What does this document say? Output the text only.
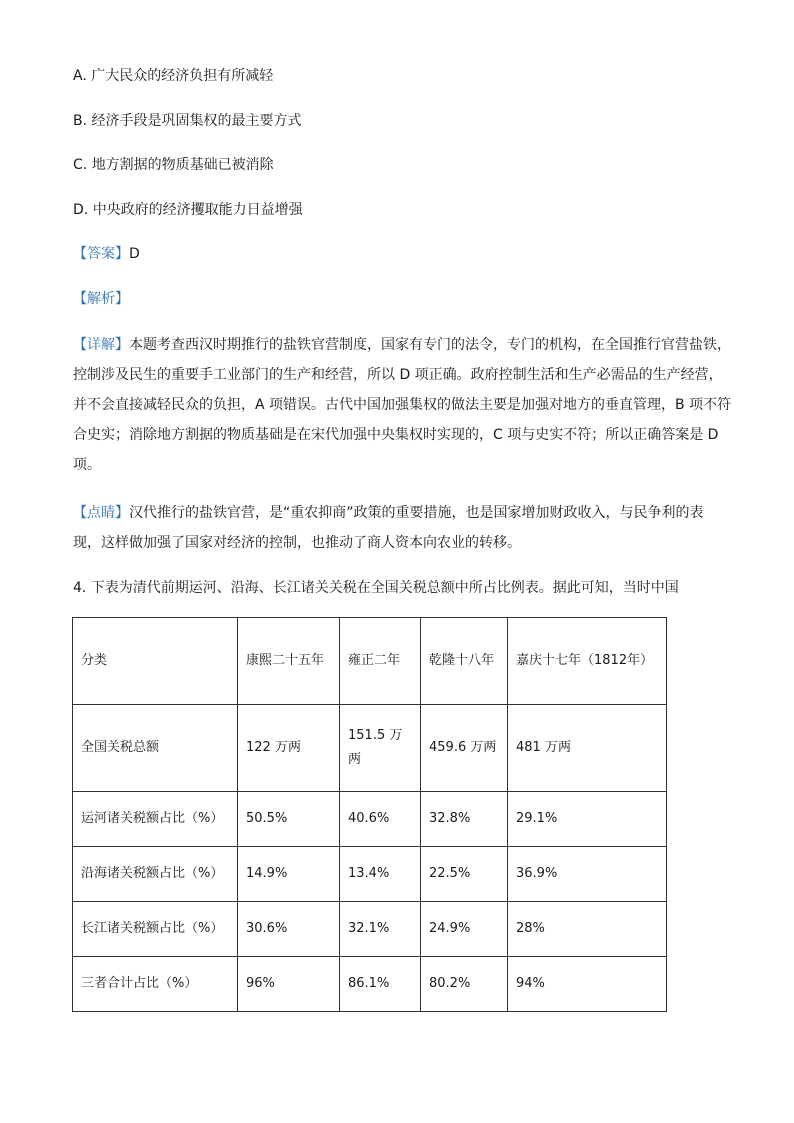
A. 广大民众的经济负担有所减轻
B. 经济手段是巩固集权的最主要方式
C. 地方割据的物质基础已被消除
D. 中央政府的经济攫取能力日益增强
【答案】D
【解析】
【详解】本题考查西汉时期推行的盐铁官营制度，国家有专门的法令，专门的机构，在全国推行官营盐铁，
控制涉及民生的重要手工业部门的生产和经营，所以 D 项正确。政府控制生活和生产必需品的生产经营，
并不会直接减轻民众的负担，A 项错误。古代中国加强集权的做法主要是加强对地方的垂直管理，B 项不符
合史实；消除地方割据的物质基础是在宋代加强中央集权时实现的，C 项与史实不符；所以正确答案是 D
项。
【点睛】汉代推行的盐铁官营，是“重农抑商”政策的重要措施，也是国家增加财政收入，与民争利的表
现，这样做加强了国家对经济的控制，也推动了商人资本向农业的转移。
4. 下表为清代前期运河、沿海、长江诸关关税在全国关税总额中所占比例表。据此可知，当时中国
分类	康熙二十五年	雍正二年	乾隆十八年	嘉庆十七年（1812年）
全国关税总额	122 万两	151.5 万两	459.6 万两	481 万两
运河诸关税额占比（%）	50.5%	40.6%	32.8%	29.1%
沿海诸关税额占比（%）	14.9%	13.4%	22.5%	36.9%
长江诸关税额占比（%）	30.6%	32.1%	24.9%	28%
三者合计占比（%）	96%	86.1%	80.2%	94%
